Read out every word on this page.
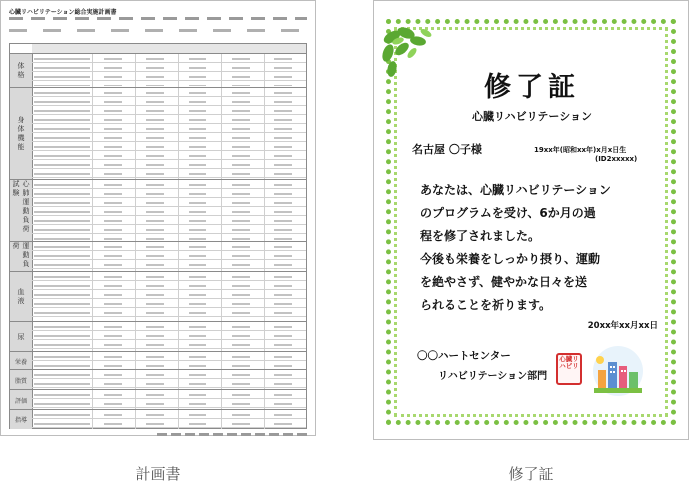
心臓リハビリテーション総合実施計画書
体格
身体機能
心肺運動負荷試験
運動負荷
血液
尿
栄養
脂質
評価
指導
修了証
心臓リハビリテーション
名古屋 〇子様	19xx年(昭和xx年)x月x日生
(ID2xxxxx)
あなたは、心臓リハビリテーション
のプログラムを受け、6か月の過
程を修了されました。
今後も栄養をしっかり摂り、運動
を絶やさず、健やかな日々を送
られることを祈ります。
20xx年xx月xx日
〇〇ハートセンター
リハビリテーション部門
心臓リハビリ
計画書	修了証
